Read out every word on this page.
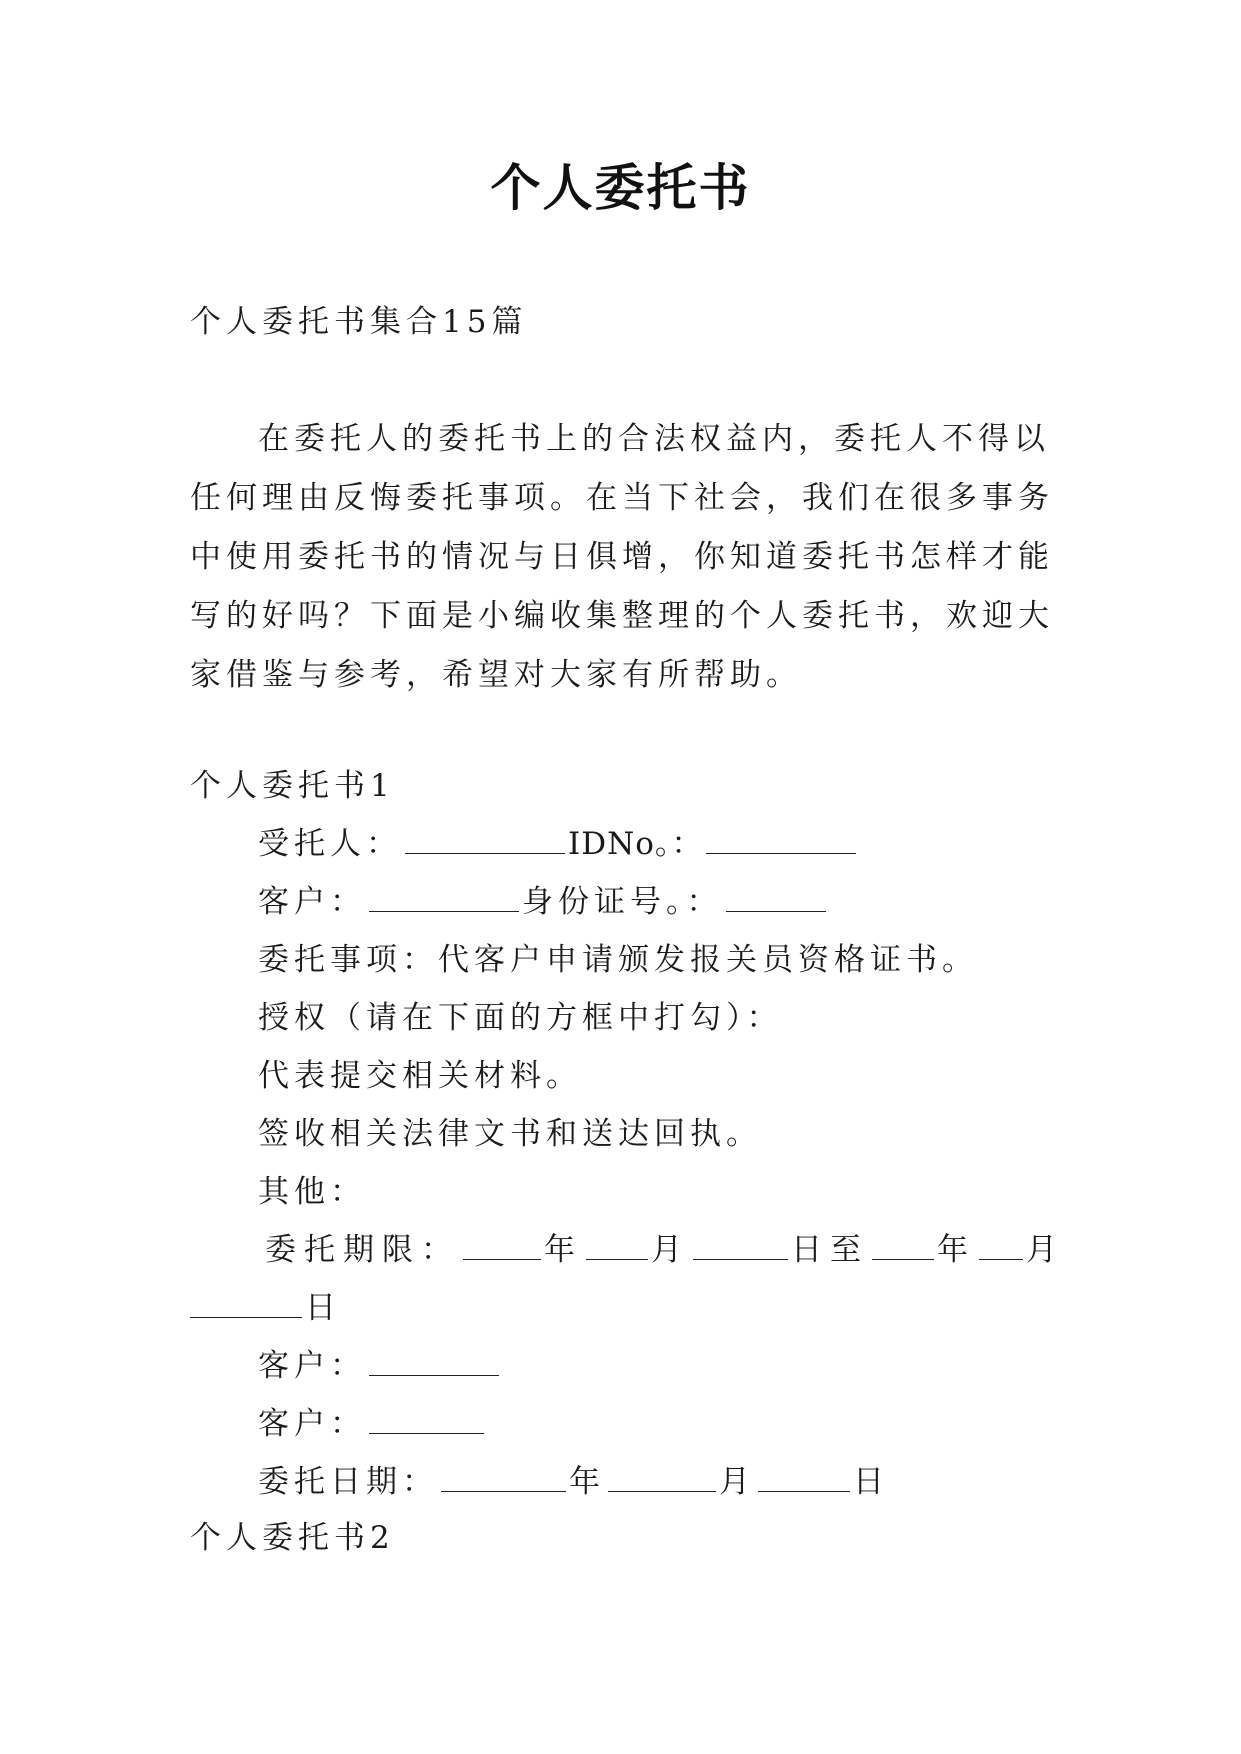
个人委托书
个人委托书集合15篇

在委托人的委托书上的合法权益内，委托人不得以任何理由反悔委托事项。在当下社会，我们在很多事务中使用委托书的情况与日俱增，你知道委托书怎样才能写的好吗？下面是小编收集整理的个人委托书，欢迎大家借鉴与参考，希望对大家有所帮助。

个人委托书1
受托人：	IDNo。：
客户：	身份证号。：
委托事项：代客户申请颁发报关员资格证书。
授权（请在下面的方框中打勾）：
代表提交相关材料。
签收相关法律文书和送达回执。
其他：
委托期限：	年 月	日至 年 月
日
客户：
客户：
委托日期：	年	月	日
个人委托书2
